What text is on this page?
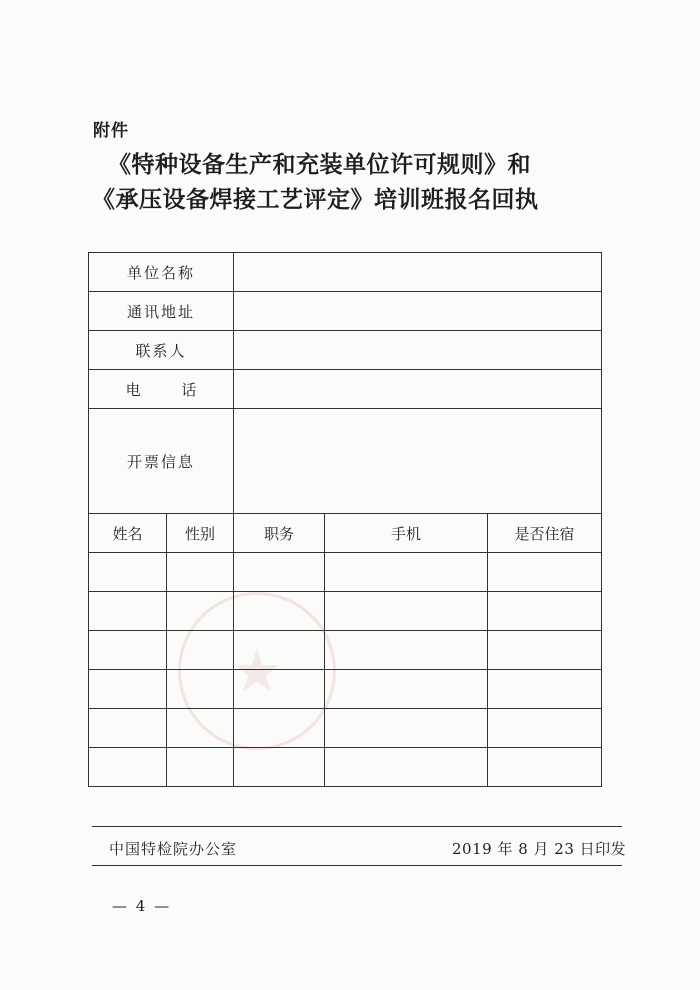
附件
《特种设备生产和充装单位许可规则》和
《承压设备焊接工艺评定》培训班报名回执
★
单位名称				
通讯地址				
联系人				
电 话				
开票信息				
姓名	性别	职务	手机	是否住宿

中国特检院办公室	2019 年 8 月 23 日印发
— 4 —
